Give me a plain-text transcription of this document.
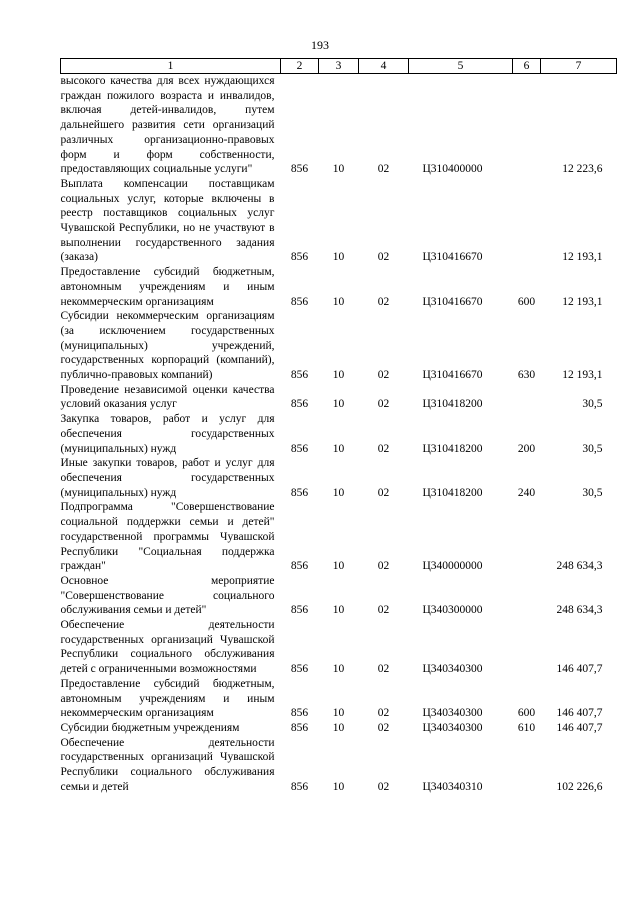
193
1	2	3	4	5	6	7
высокого качества для всех нуждающихся граждан пожилого возраста и инвалидов, включая детей-инвалидов, путем дальнейшего развития сети организаций различных организационно-правовых форм и форм собственности, предоставляющих социальные услуги"	856	10	02	Ц310400000		12 223,6
Выплата компенсации поставщикам социальных услуг, которые включены в реестр поставщиков социальных услуг Чувашской Республики, но не участвуют в выполнении государственного задания (заказа)	856	10	02	Ц310416670		12 193,1
Предоставление субсидий бюджетным, автономным учреждениям и иным некоммерческим организациям	856	10	02	Ц310416670	600	12 193,1
Субсидии некоммерческим организациям (за исключением государственных (муниципальных) учреждений, государственных корпораций (компаний), публично-правовых компаний)	856	10	02	Ц310416670	630	12 193,1
Проведение независимой оценки качества условий оказания услуг	856	10	02	Ц310418200		30,5
Закупка товаров, работ и услуг для обеспечения государственных (муниципальных) нужд	856	10	02	Ц310418200	200	30,5
Иные закупки товаров, работ и услуг для обеспечения государственных (муниципальных) нужд	856	10	02	Ц310418200	240	30,5
Подпрограмма "Совершенствование социальной поддержки семьи и детей" государственной программы Чувашской Республики "Социальная поддержка граждан"	856	10	02	Ц340000000		248 634,3
Основное мероприятие "Совершенствование социального обслуживания семьи и детей"	856	10	02	Ц340300000		248 634,3
Обеспечение деятельности государственных организаций Чувашской Республики социального обслуживания детей с ограниченными возможностями	856	10	02	Ц340340300		146 407,7
Предоставление субсидий бюджетным, автономным учреждениям и иным некоммерческим организациям	856	10	02	Ц340340300	600	146 407,7
Субсидии бюджетным учреждениям	856	10	02	Ц340340300	610	146 407,7
Обеспечение деятельности государственных организаций Чувашской Республики социального обслуживания семьи и детей	856	10	02	Ц340340310		102 226,6
